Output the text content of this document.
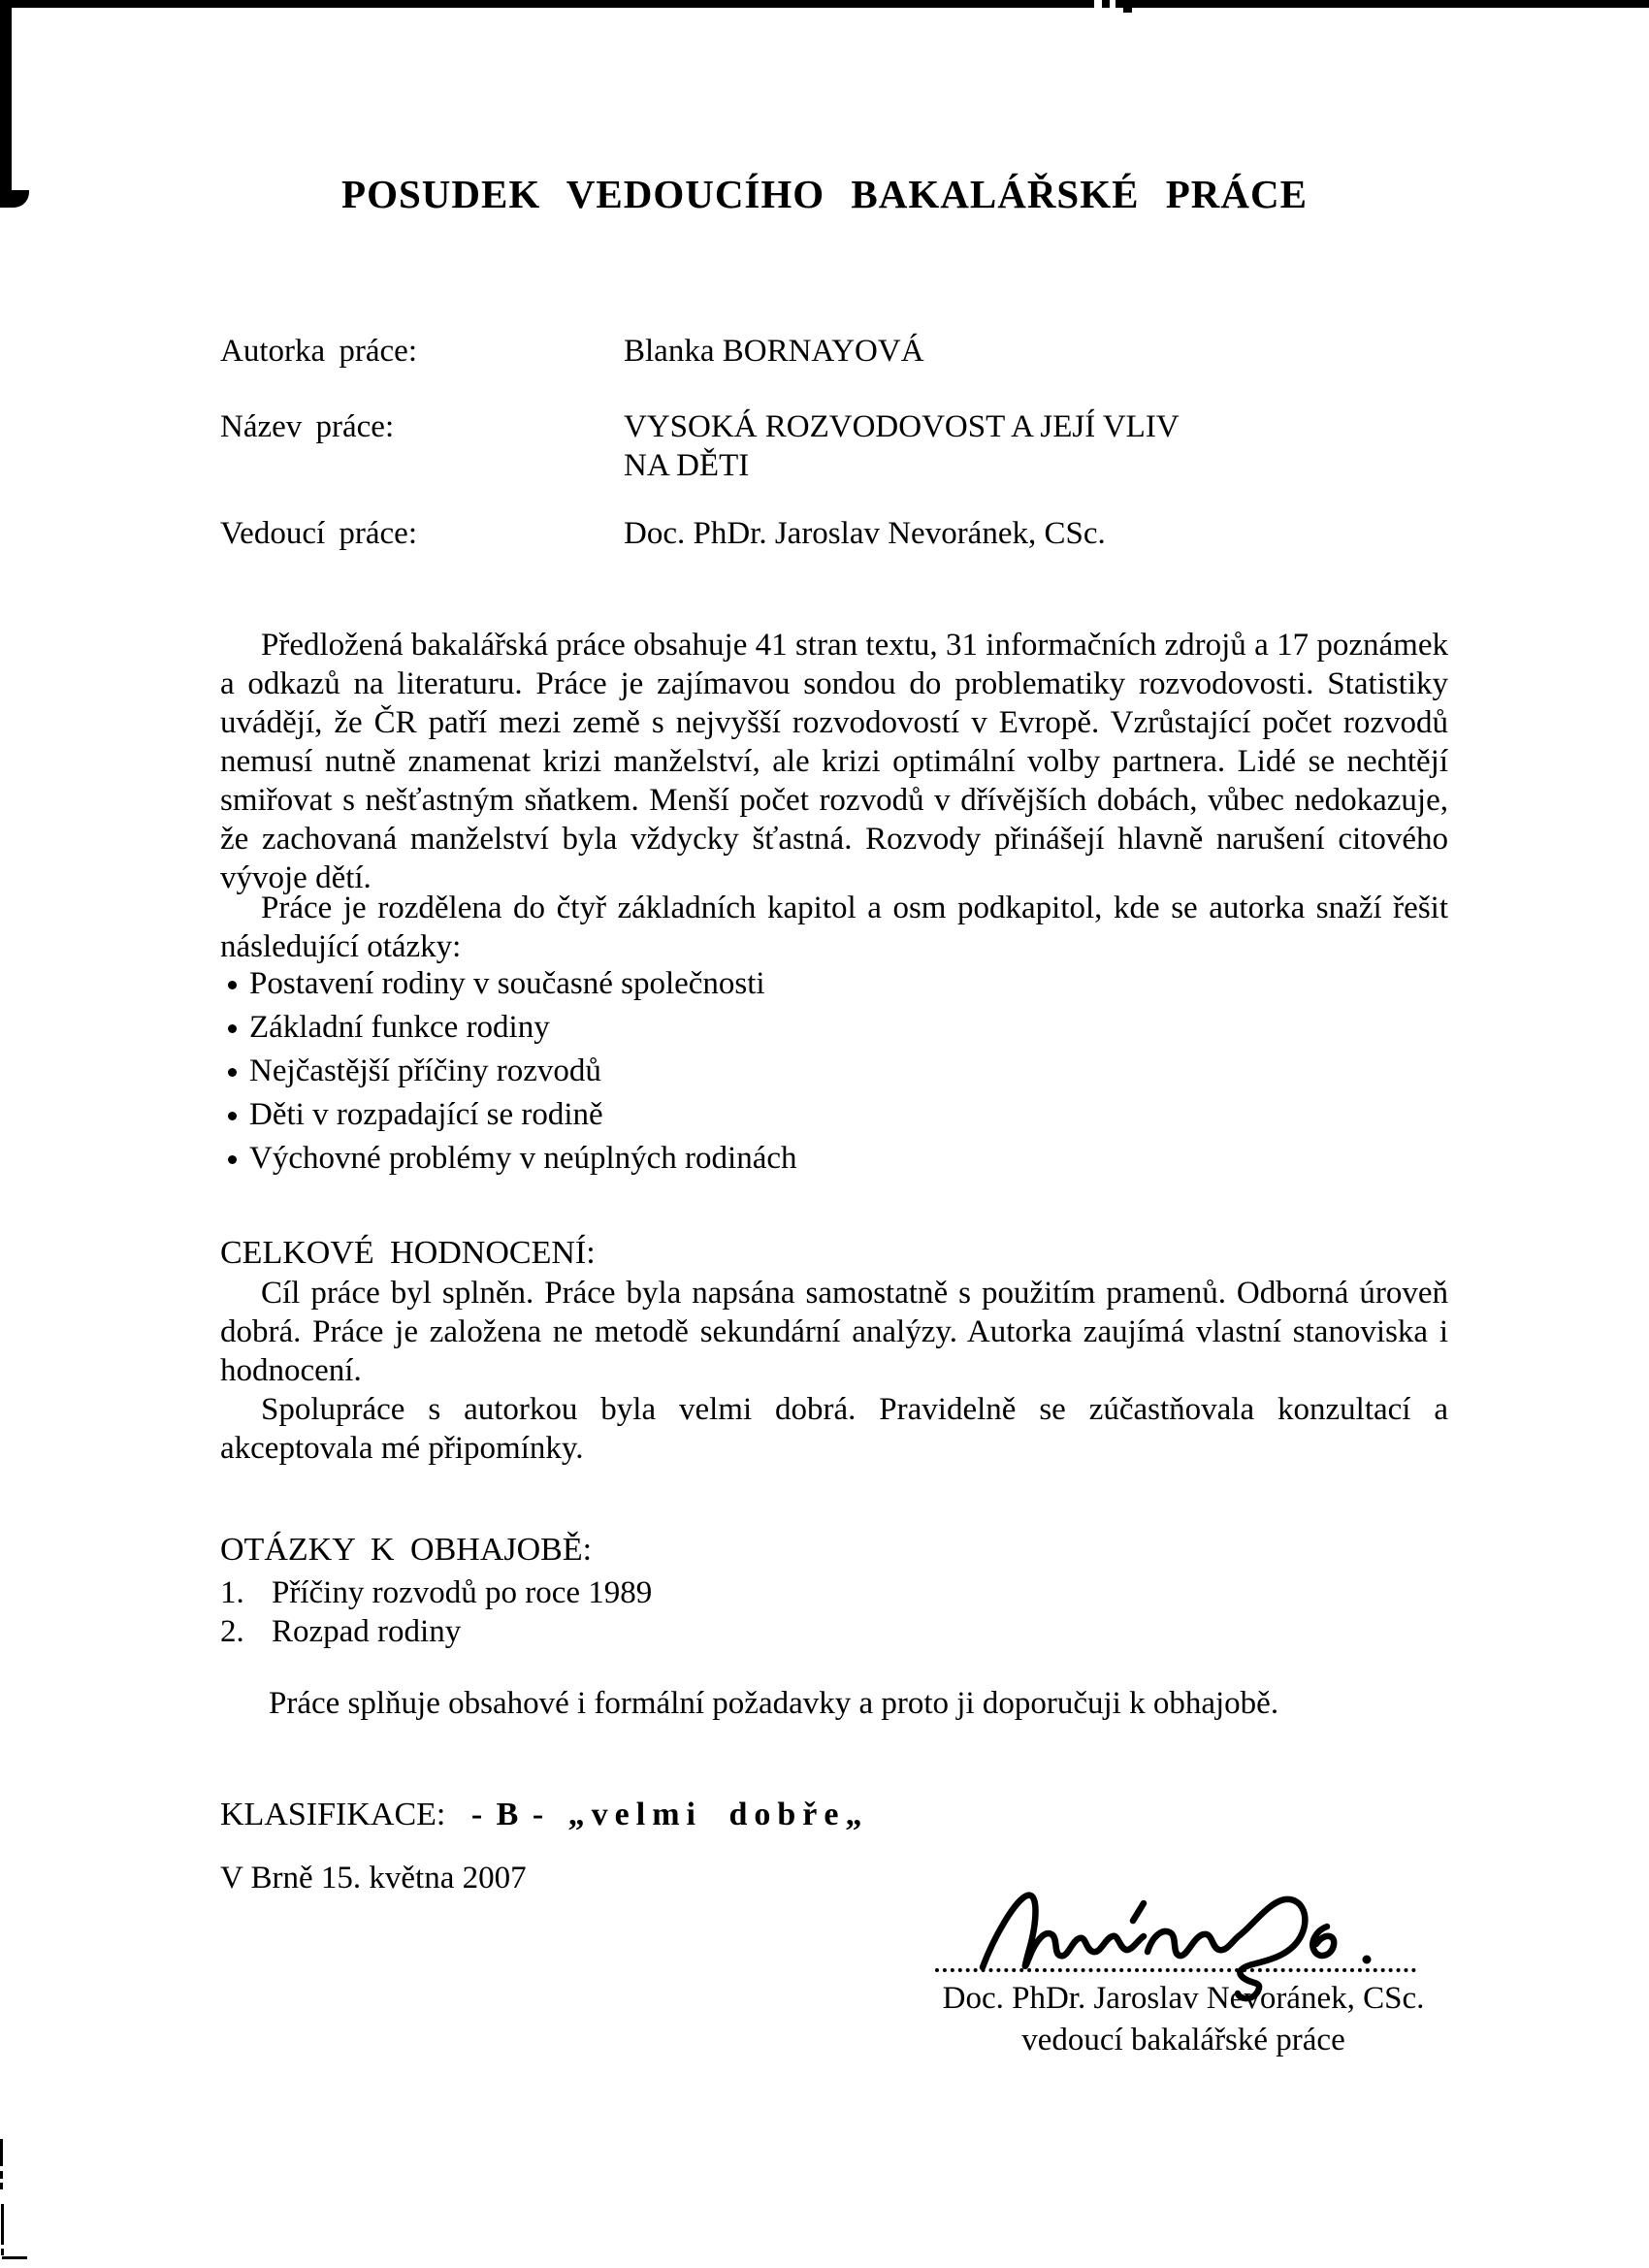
POSUDEK VEDOUCÍHO BAKALÁŘSKÉ PRÁCE
Autorka práce:	Blanka BORNAYOVÁ
Název práce:	VYSOKÁ ROZVODOVOST A JEJÍ VLIV
NA DĚTI
Vedoucí práce:	Doc. PhDr. Jaroslav Nevoránek, CSc.
Předložená bakalářská práce obsahuje 41 stran textu, 31 informačních zdrojů a 17 poznámek a odkazů na literaturu. Práce je zajímavou sondou do problematiky rozvodovosti. Statistiky uvádějí, že ČR patří mezi země s nejvyšší rozvodovostí v Evropě. Vzrůstající počet rozvodů nemusí nutně znamenat krizi manželství, ale krizi optimální volby partnera. Lidé se nechtějí smiřovat s nešťastným sňatkem. Menší počet rozvodů v dřívějších dobách, vůbec nedokazuje, že zachovaná manželství byla vždycky šťastná. Rozvody přinášejí hlavně narušení citového vývoje dětí.
Práce je rozdělena do čtyř základních kapitol a osm podkapitol, kde se autorka snaží řešit následující otázky:
Postavení rodiny v současné společnosti
Základní funkce rodiny
Nejčastější příčiny rozvodů
Děti v rozpadající se rodině
Výchovné problémy v neúplných rodinách
CELKOVÉ HODNOCENÍ:
Cíl práce byl splněn. Práce byla napsána samostatně s použitím pramenů. Odborná úroveň dobrá. Práce je založena ne metodě sekundární analýzy. Autorka zaujímá vlastní stanoviska i hodnocení.
Spolupráce s autorkou byla velmi dobrá. Pravidelně se zúčastňovala konzultací a akceptovala mé připomínky.
OTÁZKY K OBHAJOBĚ:
1. Příčiny rozvodů po roce 1989
2. Rozpad rodiny
Práce splňuje obsahové i formální požadavky a proto ji doporučuji k obhajobě.
KLASIFIKACE: - B - „velmi dobře„
V Brně 15. května 2007
Doc. PhDr. Jaroslav Nevoránek, CSc.
vedoucí bakalářské práce
